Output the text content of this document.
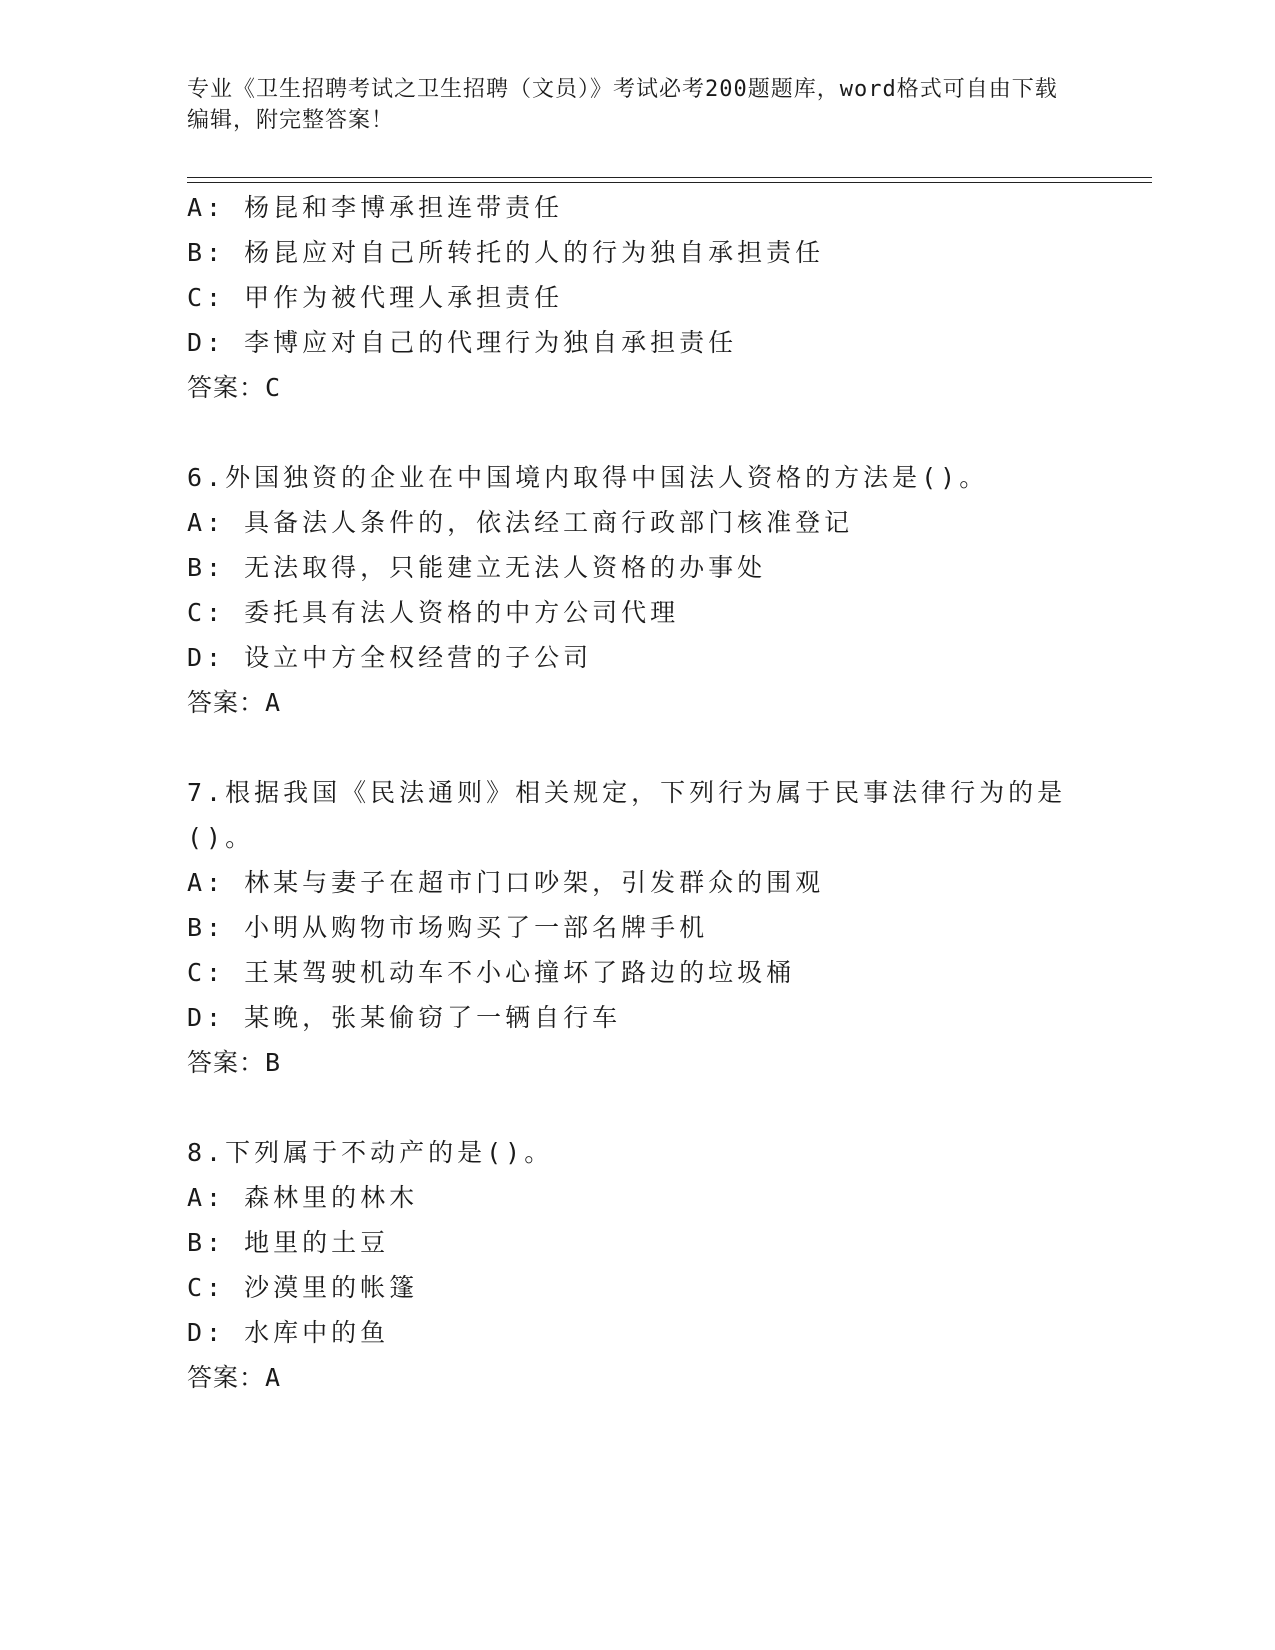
专业《卫生招聘考试之卫生招聘（文员）》考试必考200题题库，word格式可自由下载编辑，附完整答案！
A: 杨昆和李博承担连带责任
B: 杨昆应对自己所转托的人的行为独自承担责任
C: 甲作为被代理人承担责任
D: 李博应对自己的代理行为独自承担责任
答案：C
6.外国独资的企业在中国境内取得中国法人资格的方法是()。
A: 具备法人条件的，依法经工商行政部门核准登记
B: 无法取得，只能建立无法人资格的办事处
C: 委托具有法人资格的中方公司代理
D: 设立中方全权经营的子公司
答案：A
7.根据我国《民法通则》相关规定，下列行为属于民事法律行为的是
()。
A: 林某与妻子在超市门口吵架，引发群众的围观
B: 小明从购物市场购买了一部名牌手机
C: 王某驾驶机动车不小心撞坏了路边的垃圾桶
D: 某晚，张某偷窃了一辆自行车
答案：B
8.下列属于不动产的是()。
A: 森林里的林木
B: 地里的土豆
C: 沙漠里的帐篷
D: 水库中的鱼
答案：A
